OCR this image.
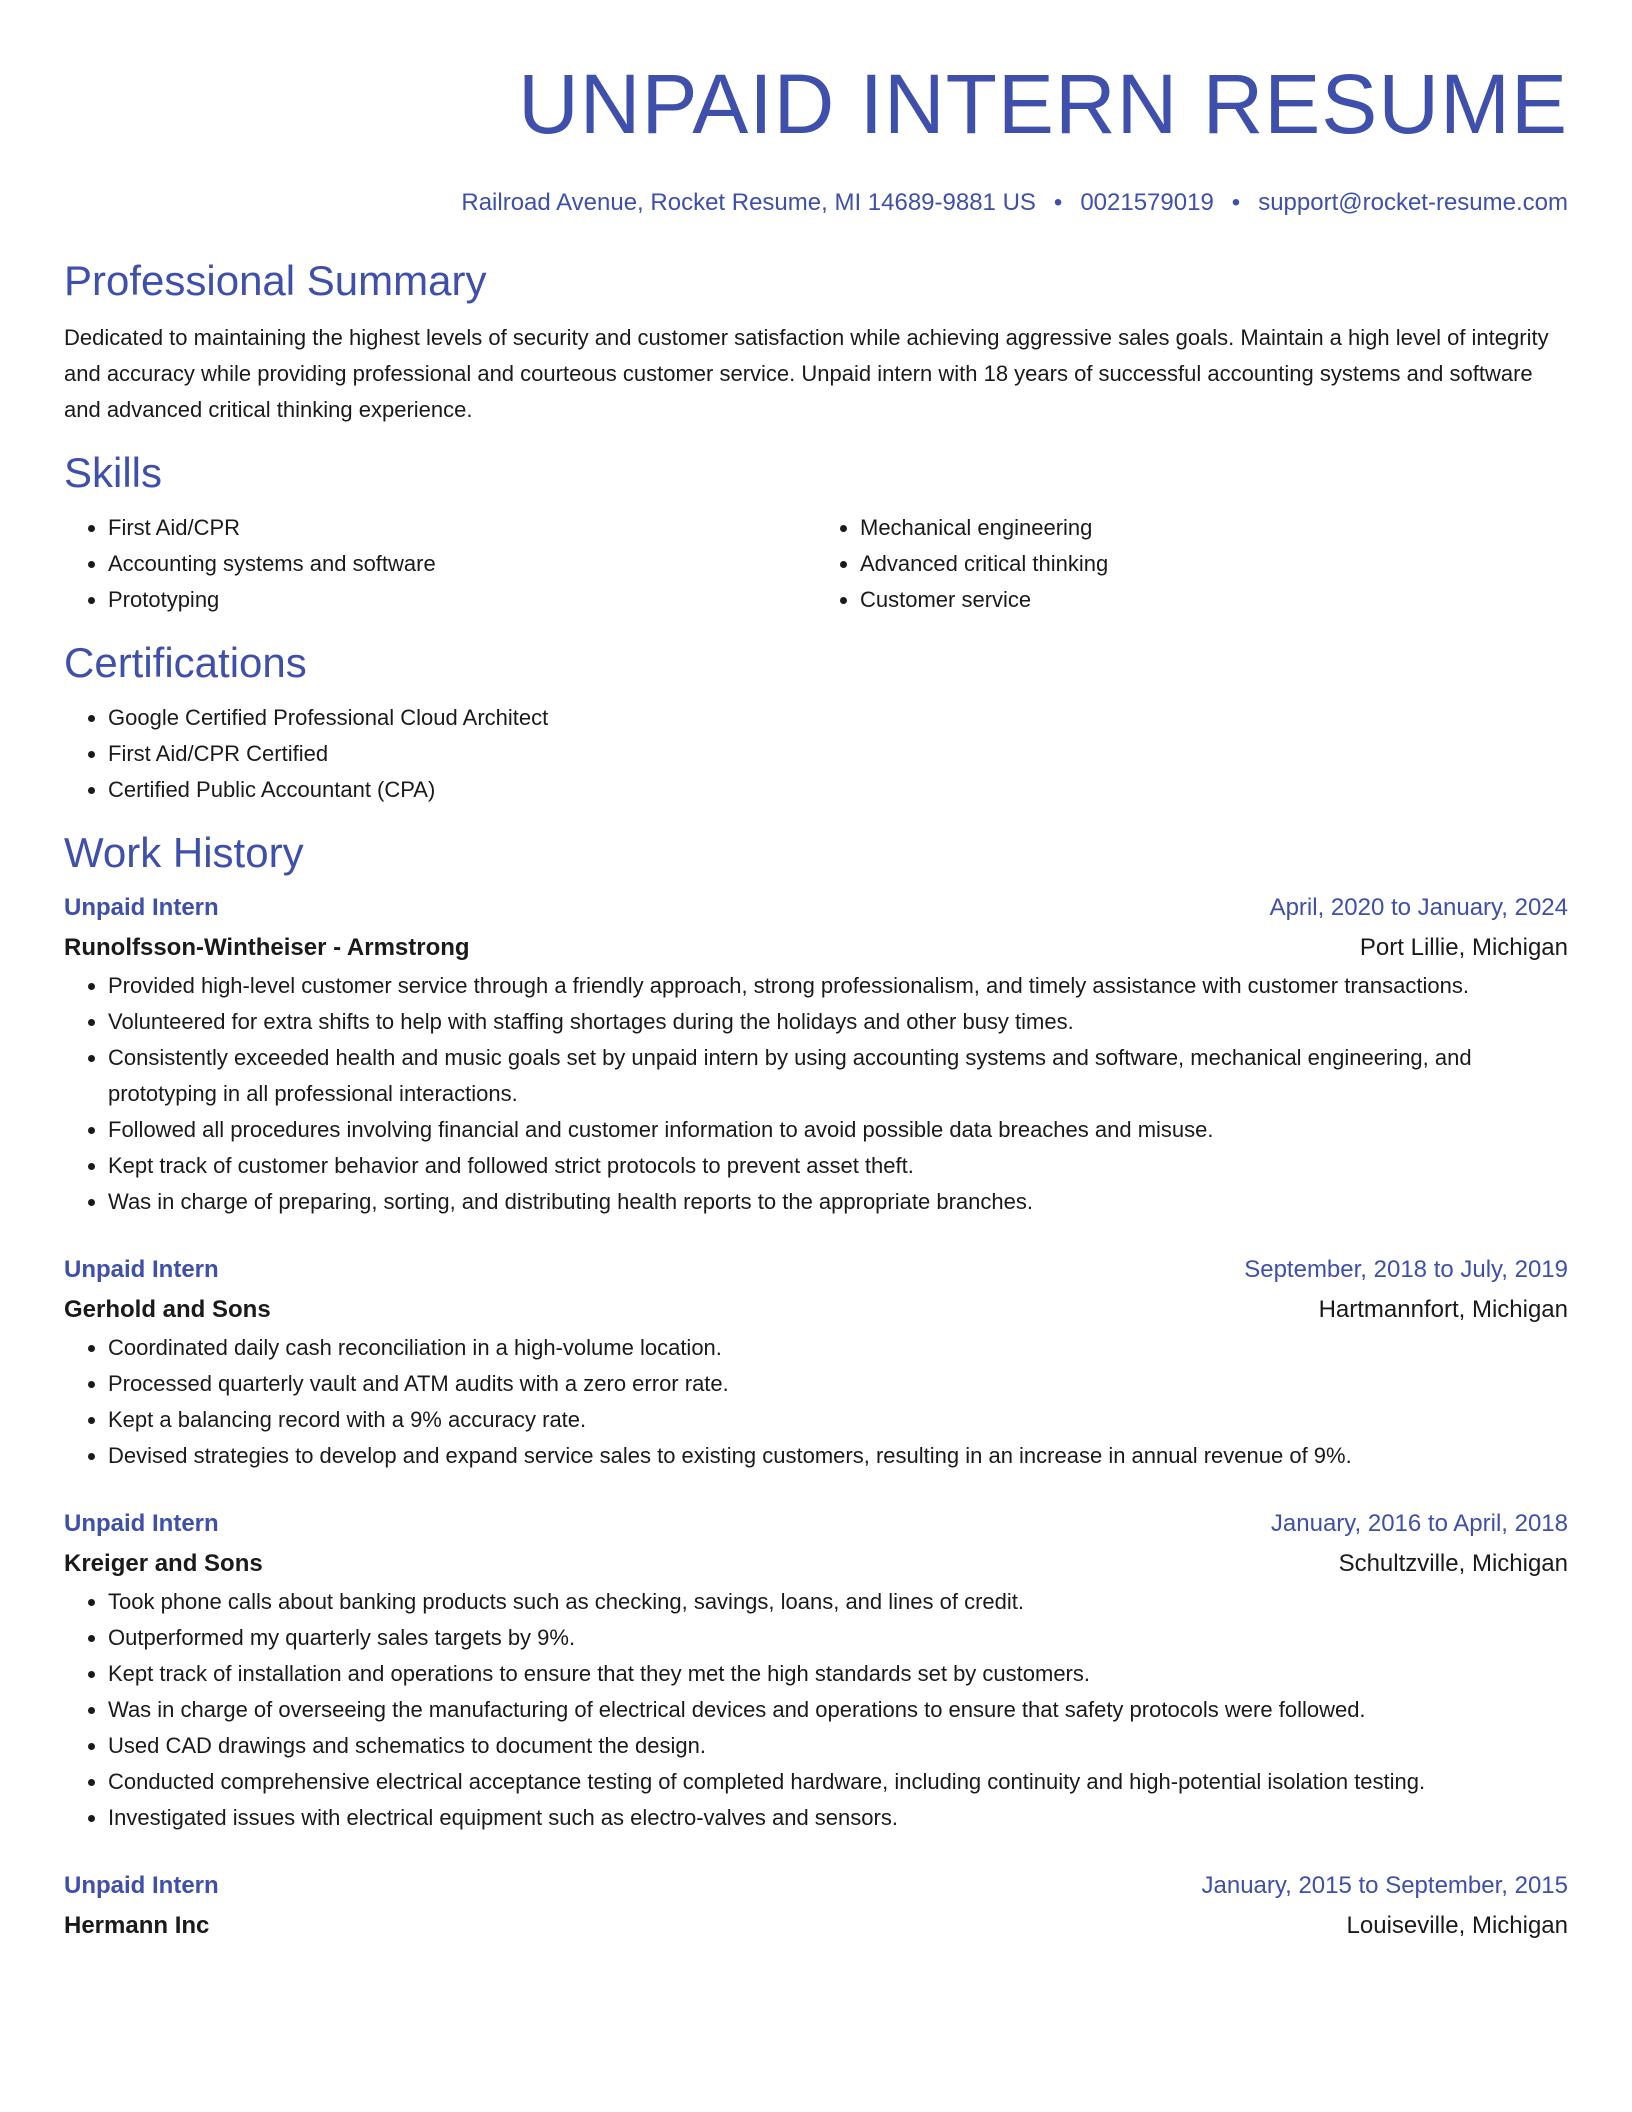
UNPAID INTERN RESUME
Railroad Avenue, Rocket Resume, MI 14689-9881 US • 0021579019 • support@rocket-resume.com
Professional Summary
Dedicated to maintaining the highest levels of security and customer satisfaction while achieving aggressive sales goals. Maintain a high level of integrity and accuracy while providing professional and courteous customer service. Unpaid intern with 18 years of successful accounting systems and software and advanced critical thinking experience.
Skills
• First Aid/CPR
• Accounting systems and software
• Prototyping
• Mechanical engineering
• Advanced critical thinking
• Customer service
Certifications
• Google Certified Professional Cloud Architect
• First Aid/CPR Certified
• Certified Public Accountant (CPA)
Work History
Unpaid Intern	April, 2020 to January, 2024
Runolfsson-Wintheiser - Armstrong	Port Lillie, Michigan
• Provided high-level customer service through a friendly approach, strong professionalism, and timely assistance with customer transactions.
• Volunteered for extra shifts to help with staffing shortages during the holidays and other busy times.
• Consistently exceeded health and music goals set by unpaid intern by using accounting systems and software, mechanical engineering, and prototyping in all professional interactions.
• Followed all procedures involving financial and customer information to avoid possible data breaches and misuse.
• Kept track of customer behavior and followed strict protocols to prevent asset theft.
• Was in charge of preparing, sorting, and distributing health reports to the appropriate branches.
Unpaid Intern	September, 2018 to July, 2019
Gerhold and Sons	Hartmannfort, Michigan
• Coordinated daily cash reconciliation in a high-volume location.
• Processed quarterly vault and ATM audits with a zero error rate.
• Kept a balancing record with a 9% accuracy rate.
• Devised strategies to develop and expand service sales to existing customers, resulting in an increase in annual revenue of 9%.
Unpaid Intern	January, 2016 to April, 2018
Kreiger and Sons	Schultzville, Michigan
• Took phone calls about banking products such as checking, savings, loans, and lines of credit.
• Outperformed my quarterly sales targets by 9%.
• Kept track of installation and operations to ensure that they met the high standards set by customers.
• Was in charge of overseeing the manufacturing of electrical devices and operations to ensure that safety protocols were followed.
• Used CAD drawings and schematics to document the design.
• Conducted comprehensive electrical acceptance testing of completed hardware, including continuity and high-potential isolation testing.
• Investigated issues with electrical equipment such as electro-valves and sensors.
Unpaid Intern	January, 2015 to September, 2015
Hermann Inc	Louiseville, Michigan
